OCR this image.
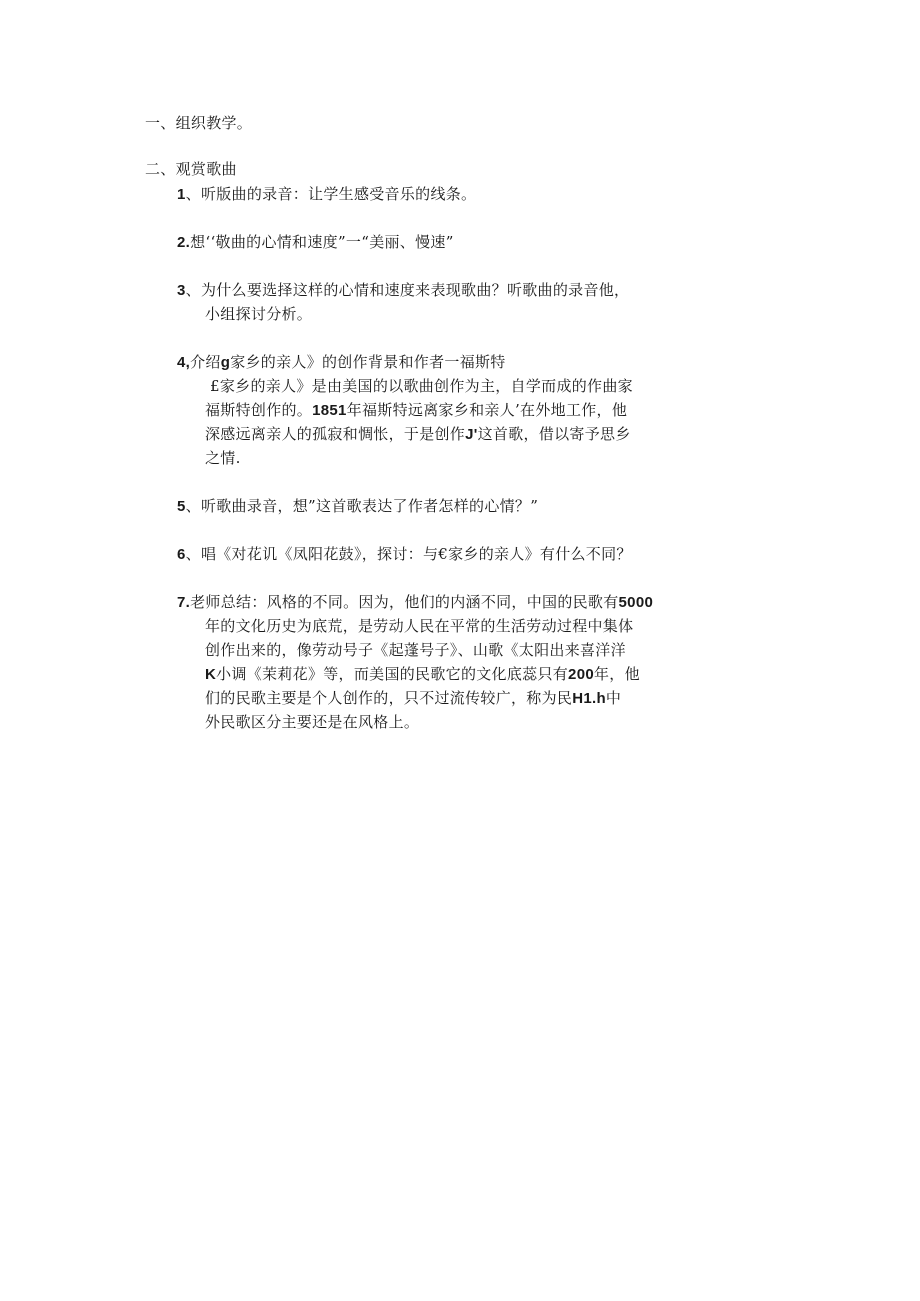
一、组织教学。
二、观赏歌曲
1、听版曲的录音：让学生感受音乐的线条。
2.想‘‘敬曲的心情和速度”一“美丽、慢速”
3、为什么要选择这样的心情和速度来表现歌曲？听歌曲的录音他，
小组探讨分析。
4,介绍g家乡的亲人》的创作背景和作者一福斯特
£家乡的亲人》是由美国的以歌曲创作为主，自学而成的作曲家
福斯特创作的。1851年福斯特远离家乡和亲人’在外地工作，他
深感远离亲人的孤寂和惆怅，于是创作J'这首歌，借以寄予思乡
之情.
5、听歌曲录音，想”这首歌表达了作者怎样的心情？”
6、唱《对花讥《凤阳花鼓》，探讨：与€家乡的亲人》有什么不同？
7.老师总结：风格的不同。因为，他们的内涵不同，中国的民歌有5000
年的文化历史为底荒，是劳动人民在平常的生活劳动过程中集体
创作出来的，像劳动号子《起蓬号子》、山歌《太阳出来喜洋洋
K小调《茉莉花》等，而美国的民歌它的文化底蕊只有200年，他
们的民歌主要是个人创作的，只不过流传较广，称为民H1.h中
外民歌区分主要还是在风格上。
